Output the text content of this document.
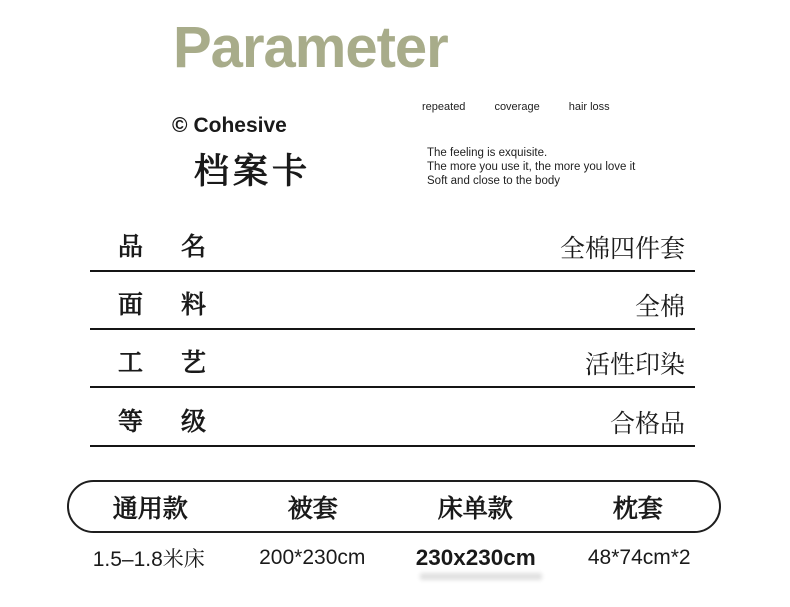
Parameter
© Cohesive
档案卡
repeated	coverage	hair loss
The feeling is exquisite.
The more you use it, the more you love it
Soft and close to the body
品 名	全棉四件套
面 料	全棉
工 艺	活性印染
等 级	合格品
通用款	被套	床单款	枕套
1.5–1.8米床	200*230cm	230x230cm	48*74cm*2
